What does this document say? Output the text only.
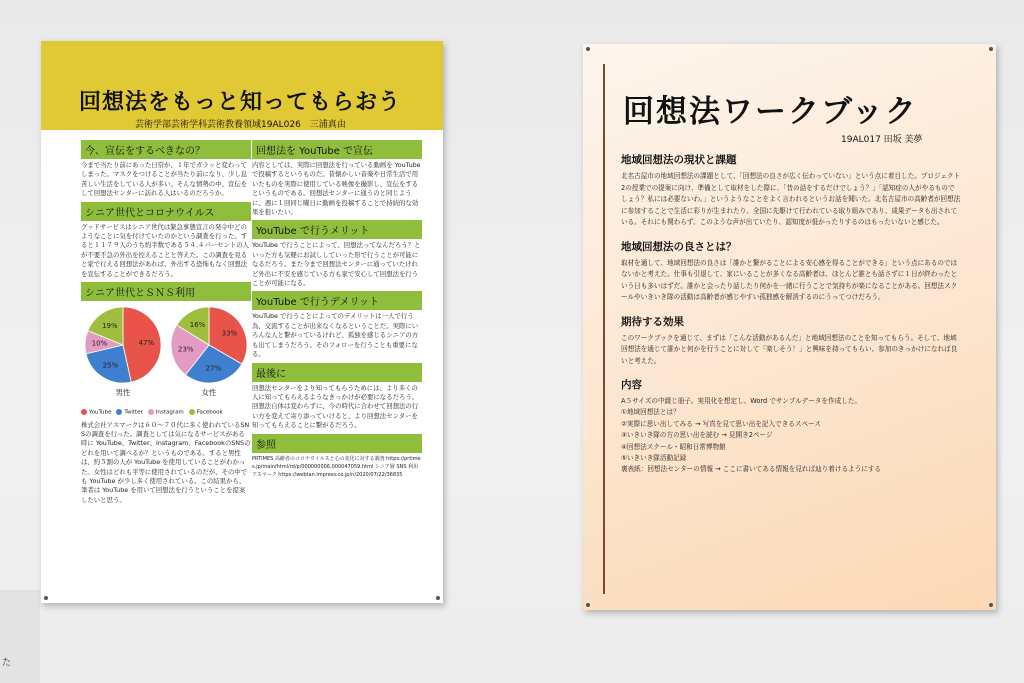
た
回想法をもっと知ってもらおう
芸術学部芸術学科芸術教養領域19AL026　三浦真由
今、宣伝をするべきなの？
今まで当たり前にあった日常が、１年でガラッと変わってしまった。マスクをつけることが当たり前になり、少し息苦しい生活をしている人が多い。そんな情勢の中、宣伝をして回想法センターに訪れる人はいるのだろうか。
シニア世代とコロナウイルス
グッドサービスはシニア世代は緊急事態宣言の発令中どのようなことに気を付けていたのかという調査を行った。すると１１７９人のうち約半数である５４.４パーセントの人が不要不急の外出を控えることと答えた。この調査を見ると家で行える回想法があれば、外出する恐怖もなく回想法を宣伝することができるだろう。
シニア世代とＳＮＳ利用
47%
25%
10%
19%
男性
33%
27%
23%
16%
女性
YouTube	Twitter	Instagram	Facebook
株式会社アスマークは６０～７０代に多く使われているSNSの調査を行った。調査としては気になるサービスがある時に YouTube、Twitter、instagram、FacebookのSNSのどれを用いて調べるか？というものである。すると男性は、約５割の人が YouTube を使用していることがわかった。女性はどれも平等に使用されているのだが、その中でも YouTube が少し多く使用されている。この結果から、筆者は YouTube を用いて回想法を行うということを提案したいと思う。
回想法を YouTube で宣伝
内容としては、実際に回想法を行っている動画を YouTube で投稿するというものだ。昔懐かしい音楽や日常生活で用いたものを実際に使用している映像を撮影し、宣伝をするというものである。回想法センターに通うのと同じように、週に１回同じ曜日に動画を投稿することで持続的な効果を狙いたい。
YouTube で行うメリット
YouTube で行うことによって、回想法ってなんだろう？といった方も気軽にお試ししていった形で行うことが可能になるだろう。また今まで回想法センターに通っていたけれど外出に不安を感じている方も家で安心して回想法を行うことが可能になる。
YouTube で行うデメリット
YouTube で行うことによってのデメリットは一人で行う為、交流することが出来なくなるということだ。実際にいろんな人と繋がっているけれど、孤独を感じるシニアの方も出てしまうだろう。そのフォローを行うことも重要になる。
最後に
回想法センターをより知ってもらうためには、より多くの人に知ってもらえるようなきっかけが必要になるだろう。回想法自体は変わらずに、今の時代に合わせて回想法の行い方を変えて寄り添っていけると、より回想法センターを知ってもらえることに繋がるだろう。
参照
PRTIMES 高齢者のコロナウイルスと心の変化に対する調査 https://prtimes.jp/main/html/rd/p/000000006.000047059.html シニア層 SNS 利用 アスマーク https://webtan.impress.co.jp/n/2020/07/22/36835
回想法ワークブック
19AL017 田坂 美夢
地域回想法の現状と課題
北名古屋市の地域回想法の課題として、「回想法の良さが広く伝わっていない」という点に着目した。プロジェクト2の授業での提案に向け、準備として取材をした際に、「昔の話をするだけでしょう？」「認知症の人がやるものでしょう？私には必要ないわ。」というようなことをよく言われるというお話を聞いた。北名古屋市の高齢者が回想法に参加することで生活に彩りが生まれたり、全国に先駆けて行われている取り組みであり、成果データも出されている。それにも関わらず、このような声が出ていたり、認知度が低かったりするのはもったいないと感じた。
地域回想法の良さとは？
取材を通して、地域回想法の良さは「誰かと繋がることによる安心感を得ることができる」という点にあるのではないかと考えた。仕事も引退して、家にいることが多くなる高齢者は、ほとんど誰とも話さずに１日が終わったという日も多いはずだ。誰かと会ったり話したり何かを一緒に行うことで気持ちが楽になることがある。回想法スクールやいきいき隊の活動は高齢者が感じやすい孤独感を解消するのにうってつけだろう。
期待する効果
このワークブックを通じて、まずは「こんな活動があるんだ」と地域回想法のことを知ってもらう。そして、地域回想法を通じて誰かと何かを行うことに対して「楽しそう！」と興味を持ってもらい、参加のきっかけになれば良いと考えた。
内容
A５サイズの中綴じ冊子。実用化を想定し、Word でサンプルデータを作成した。
①地域回想法とは？
②実際に思い出してみる → 写真を見て思い出を記入できるスペース
③いきいき隊の方の思い出を読む → 見開き2ページ
④回想法スクール・昭和日常博物館
⑤いきいき隊活動記録
裏表紙：回想法センターの情報 → ここに書いてある情報を見れば辿り着けるようにする
